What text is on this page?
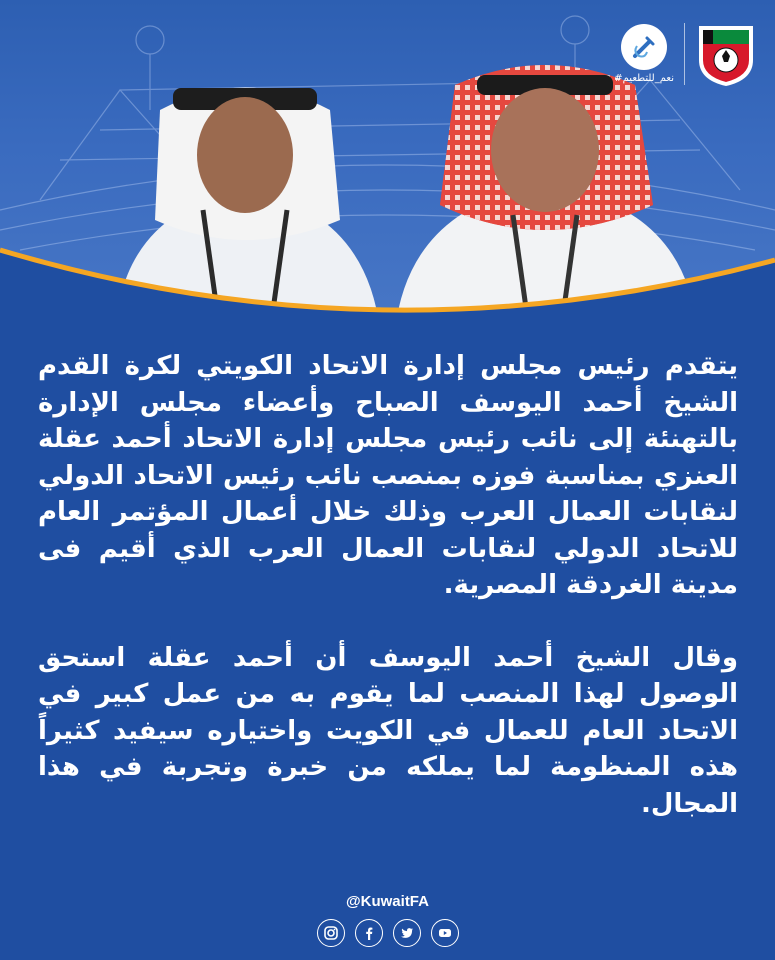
#نعم_للتطعيم

يتقدم رئيس مجلس إدارة الاتحاد الكويتي لكرة القدم الشيخ أحمد اليوسف الصباح وأعضاء مجلس الإدارة بالتهنئة إلى نائب رئيس مجلس إدارة الاتحاد أحمد عقلة العنزي بمناسبة فوزه بمنصب نائب رئيس الاتحاد الدولي لنقابات العمال العرب وذلك خلال أعمال المؤتمر العام للاتحاد الدولي لنقابات العمال العرب الذي أقيم فى مدينة الغردقة المصرية.

وقال الشيخ أحمد اليوسف أن أحمد عقلة استحق الوصول لهذا المنصب لما يقوم به من عمل كبير في الاتحاد العام للعمال في الكويت واختياره سيفيد كثيراً هذه المنظومة لما يملكه من خبرة وتجربة في هذا المجال.

@KuwaitFA
